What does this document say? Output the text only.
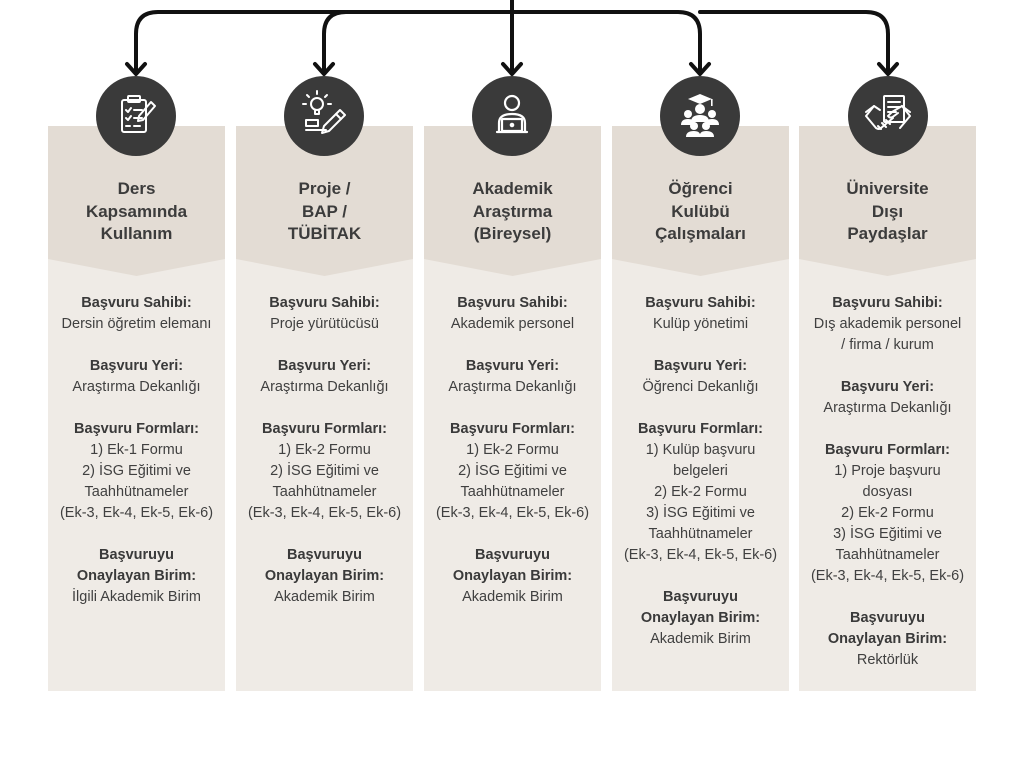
Ders
Kapsamında
Kullanım
Başvuru Sahibi:
Dersin öğretim elemanı
Başvuru Yeri:
Araştırma Dekanlığı
Başvuru Formları:
1) Ek-1 Formu
2) İSG Eğitimi ve
Taahhütnameler
(Ek-3, Ek-4, Ek-5, Ek-6)
Başvuruyu
Onaylayan Birim:
İlgili Akademik Birim
Proje /
BAP /
TÜBİTAK
Başvuru Sahibi:
Proje yürütücüsü
Başvuru Yeri:
Araştırma Dekanlığı
Başvuru Formları:
1) Ek-2 Formu
2) İSG Eğitimi ve
Taahhütnameler
(Ek-3, Ek-4, Ek-5, Ek-6)
Başvuruyu
Onaylayan Birim:
Akademik Birim
Akademik
Araştırma
(Bireysel)
Başvuru Sahibi:
Akademik personel
Başvuru Yeri:
Araştırma Dekanlığı
Başvuru Formları:
1) Ek-2 Formu
2) İSG Eğitimi ve
Taahhütnameler
(Ek-3, Ek-4, Ek-5, Ek-6)
Başvuruyu
Onaylayan Birim:
Akademik Birim
Öğrenci
Kulübü
Çalışmaları
Başvuru Sahibi:
Kulüp yönetimi
Başvuru Yeri:
Öğrenci Dekanlığı
Başvuru Formları:
1) Kulüp başvuru
belgeleri
2) Ek-2 Formu
3) İSG Eğitimi ve
Taahhütnameler
(Ek-3, Ek-4, Ek-5, Ek-6)
Başvuruyu
Onaylayan Birim:
Akademik Birim
Üniversite
Dışı
Paydaşlar
Başvuru Sahibi:
Dış akademik personel
/ firma / kurum
Başvuru Yeri:
Araştırma Dekanlığı
Başvuru Formları:
1) Proje başvuru
dosyası
2) Ek-2 Formu
3) İSG Eğitimi ve
Taahhütnameler
(Ek-3, Ek-4, Ek-5, Ek-6)
Başvuruyu
Onaylayan Birim:
Rektörlük
